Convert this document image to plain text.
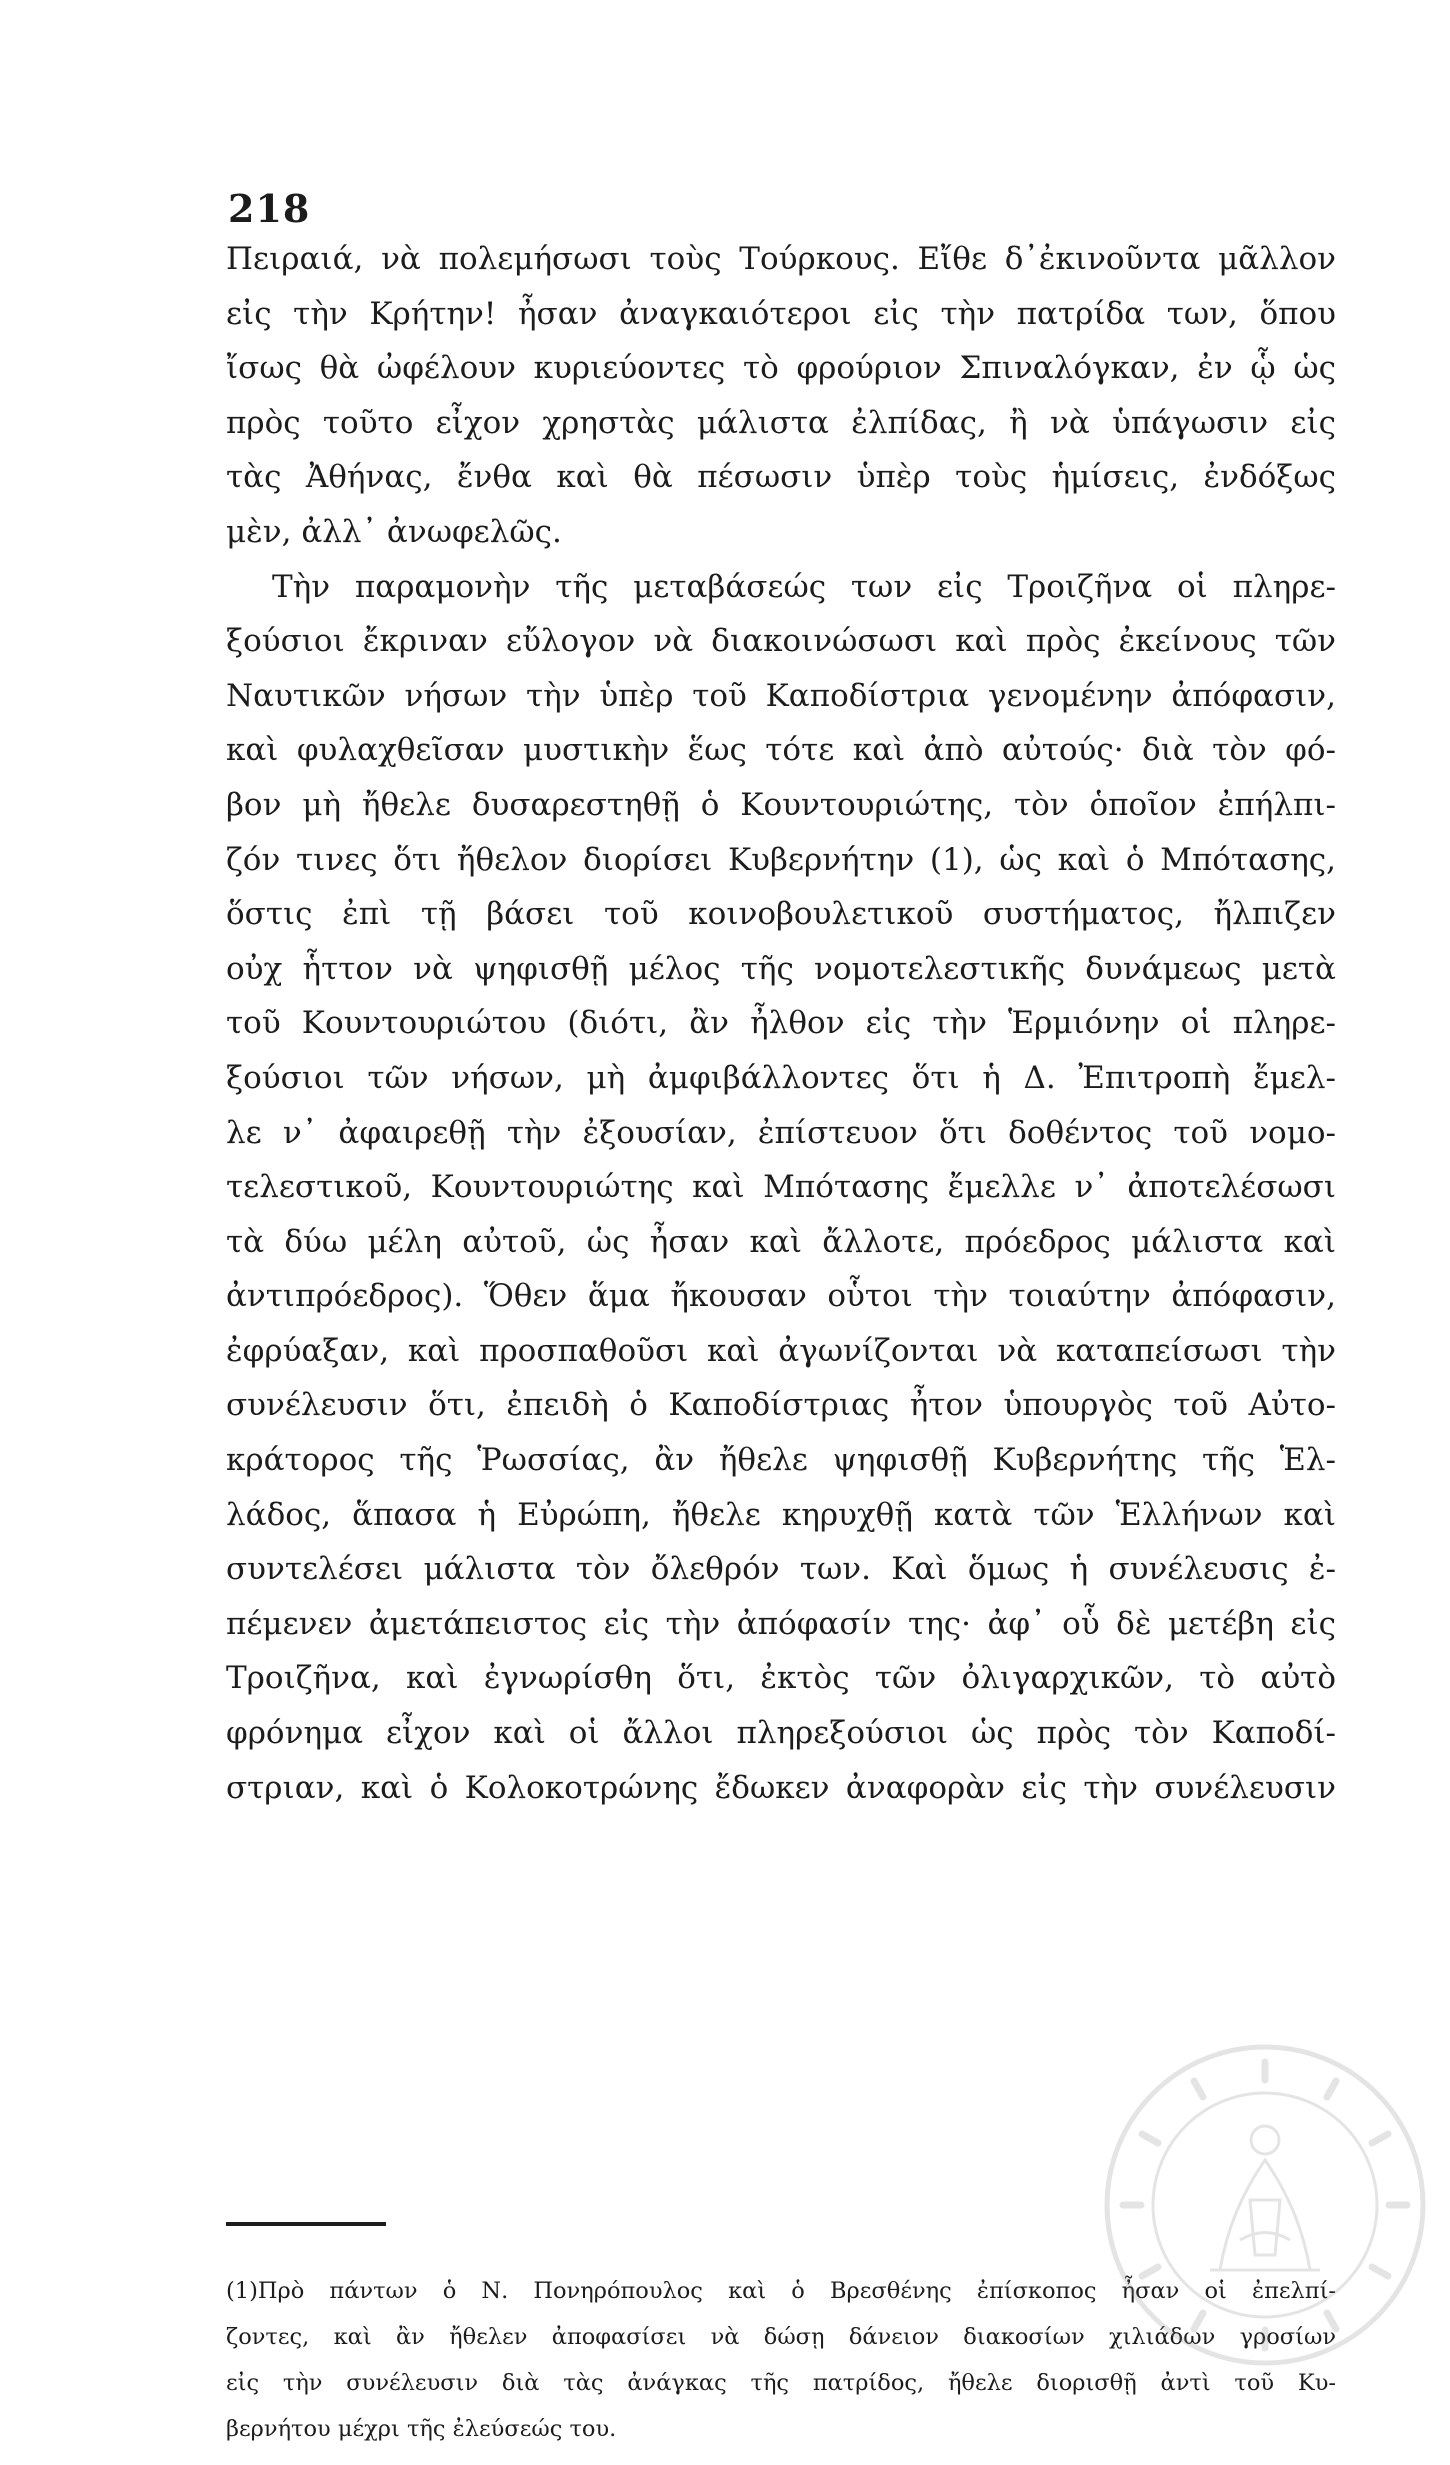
218
Πειραιά, νὰ πολεμήσωσι τοὺς Τούρκους. Εἴθε δ᾽ἐκινοῦντα μᾶλλον
εἰς τὴν Κρήτην! ἦσαν ἀναγκαιότεροι εἰς τὴν πατρίδα των, ὅπου
ἴσως θὰ ὠφέλουν κυριεύοντες τὸ φρούριον Σπιναλόγκαν, ἐν ᾧ ὡς
πρὸς τοῦτο εἶχον χρηστὰς μάλιστα ἐλπίδας, ἢ νὰ ὑπάγωσιν εἰς
τὰς Ἀθήνας, ἔνθα καὶ θὰ πέσωσιν ὑπὲρ τοὺς ἡμίσεις, ἐνδόξως
μὲν, ἀλλ᾽ ἀνωφελῶς.
Τὴν παραμονὴν τῆς μεταβάσεώς των εἰς Τροιζῆνα οἱ πληρε-
ξούσιοι ἔκριναν εὔλογον νὰ διακοινώσωσι καὶ πρὸς ἐκείνους τῶν
Ναυτικῶν νήσων τὴν ὑπὲρ τοῦ Καποδίστρια γενομένην ἀπόφασιν,
καὶ φυλαχθεῖσαν μυστικὴν ἕως τότε καὶ ἀπὸ αὐτούς· διὰ τὸν φό-
βον μὴ ἤθελε δυσαρεστηθῇ ὁ Κουντουριώτης, τὸν ὁποῖον ἐπήλπι-
ζόν τινες ὅτι ἤθελον διορίσει Κυβερνήτην (1), ὡς καὶ ὁ Μπότασης,
ὅστις ἐπὶ τῇ βάσει τοῦ κοινοβουλετικοῦ συστήματος, ἤλπιζεν
οὐχ ἧττον νὰ ψηφισθῇ μέλος τῆς νομοτελεστικῆς δυνάμεως μετὰ
τοῦ Κουντουριώτου (διότι, ἂν ἦλθον εἰς τὴν Ἑρμιόνην οἱ πληρε-
ξούσιοι τῶν νήσων, μὴ ἀμφιβάλλοντες ὅτι ἡ Δ. Ἐπιτροπὴ ἔμελ-
λε ν᾽ ἀφαιρεθῇ τὴν ἐξουσίαν, ἐπίστευον ὅτι δοθέντος τοῦ νομο-
τελεστικοῦ, Κουντουριώτης καὶ Μπότασης ἔμελλε ν᾽ ἀποτελέσωσι
τὰ δύω μέλη αὐτοῦ, ὡς ἦσαν καὶ ἄλλοτε, πρόεδρος μάλιστα καὶ
ἀντιπρόεδρος). Ὅθεν ἅμα ἤκουσαν οὗτοι τὴν τοιαύτην ἀπόφασιν,
ἐφρύαξαν, καὶ προσπαθοῦσι καὶ ἀγωνίζονται νὰ καταπείσωσι τὴν
συνέλευσιν ὅτι, ἐπειδὴ ὁ Καποδίστριας ἦτον ὑπουργὸς τοῦ Αὐτο-
κράτορος τῆς Ῥωσσίας, ἂν ἤθελε ψηφισθῇ Κυβερνήτης τῆς Ἑλ-
λάδος, ἅπασα ἡ Εὐρώπη, ἤθελε κηρυχθῇ κατὰ τῶν Ἑλλήνων καὶ
συντελέσει μάλιστα τὸν ὄλεθρόν των. Καὶ ὅμως ἡ συνέλευσις ἐ-
πέμενεν ἀμετάπειστος εἰς τὴν ἀπόφασίν της· ἀφ᾽ οὗ δὲ μετέβη εἰς
Τροιζῆνα, καὶ ἐγνωρίσθη ὅτι, ἐκτὸς τῶν ὀλιγαρχικῶν, τὸ αὐτὸ
φρόνημα εἶχον καὶ οἱ ἄλλοι πληρεξούσιοι ὡς πρὸς τὸν Καποδί-
στριαν, καὶ ὁ Κολοκοτρώνης ἔδωκεν ἀναφορὰν εἰς τὴν συνέλευσιν
(1)Πρὸ πάντων ὁ Ν. Πονηρόπουλος καὶ ὁ Βρεσθένης ἐπίσκοπος ἦσαν οἱ ἐπελπί-
ζοντες, καὶ ἂν ἤθελεν ἀποφασίσει νὰ δώσῃ δάνειον διακοσίων χιλιάδων γροσίων
εἰς τὴν συνέλευσιν διὰ τὰς ἀνάγκας τῆς πατρίδος, ἤθελε διορισθῇ ἀντὶ τοῦ Κυ-
βερνήτου μέχρι τῆς ἐλεύσεώς του.
